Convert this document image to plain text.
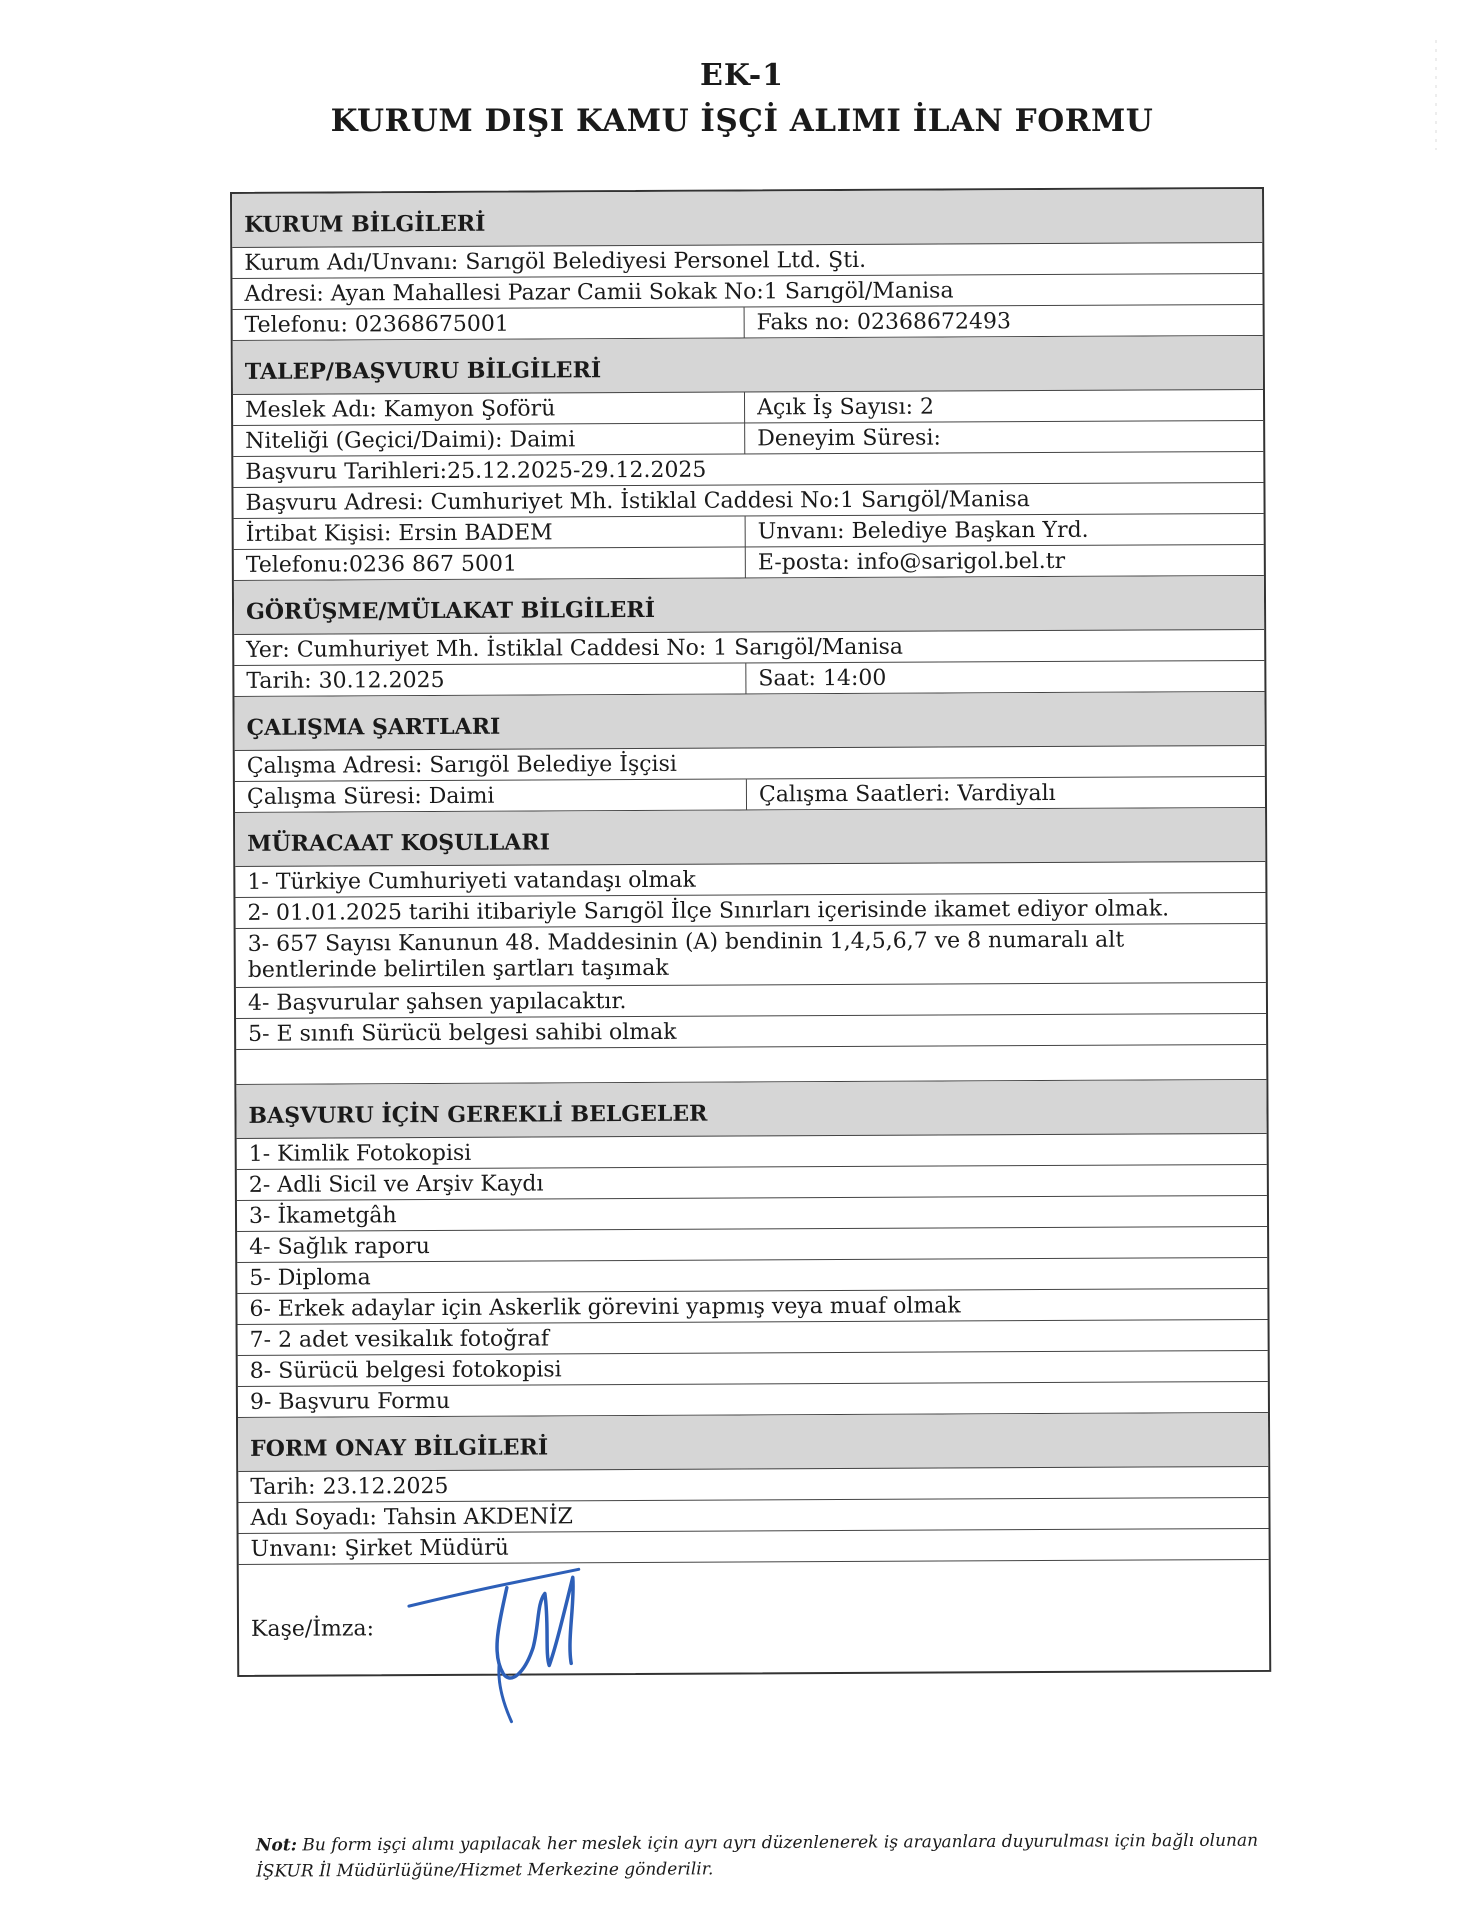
EK-1
KURUM DIŞI KAMU İŞÇİ ALIMI İLAN FORMU
KURUM BİLGİLERİ
Kurum Adı/Unvanı: Sarıgöl Belediyesi Personel Ltd. Şti.
Adresi: Ayan Mahallesi Pazar Camii Sokak No:1 Sarıgöl/Manisa
Telefonu: 02368675001	Faks no: 02368672493
TALEP/BAŞVURU BİLGİLERİ
Meslek Adı: Kamyon Şoförü	Açık İş Sayısı: 2
Niteliği (Geçici/Daimi): Daimi	Deneyim Süresi:
Başvuru Tarihleri:25.12.2025-29.12.2025
Başvuru Adresi: Cumhuriyet Mh. İstiklal Caddesi No:1 Sarıgöl/Manisa
İrtibat Kişisi: Ersin BADEM	Unvanı: Belediye Başkan Yrd.
Telefonu:0236 867 5001	E-posta: info@sarigol.bel.tr
GÖRÜŞME/MÜLAKAT BİLGİLERİ
Yer: Cumhuriyet Mh. İstiklal Caddesi No: 1 Sarıgöl/Manisa
Tarih: 30.12.2025	Saat: 14:00
ÇALIŞMA ŞARTLARI
Çalışma Adresi: Sarıgöl Belediye İşçisi
Çalışma Süresi: Daimi	Çalışma Saatleri: Vardiyalı
MÜRACAAT KOŞULLARI
1- Türkiye Cumhuriyeti vatandaşı olmak
2- 01.01.2025 tarihi itibariyle Sarıgöl İlçe Sınırları içerisinde ikamet ediyor olmak.
3- 657 Sayısı Kanunun 48. Maddesinin (A) bendinin 1,4,5,6,7 ve 8 numaralı alt bentlerinde belirtilen şartları taşımak
4- Başvurular şahsen yapılacaktır.
5- E sınıfı Sürücü belgesi sahibi olmak
BAŞVURU İÇİN GEREKLİ BELGELER
1- Kimlik Fotokopisi
2- Adli Sicil ve Arşiv Kaydı
3- İkametgâh
4- Sağlık raporu
5- Diploma
6- Erkek adaylar için Askerlik görevini yapmış veya muaf olmak
7- 2 adet vesikalık fotoğraf
8- Sürücü belgesi fotokopisi
9- Başvuru Formu
FORM ONAY BİLGİLERİ
Tarih: 23.12.2025
Adı Soyadı: Tahsin AKDENİZ
Unvanı: Şirket Müdürü
Kaşe/İmza:
Not: Bu form işçi alımı yapılacak her meslek için ayrı ayrı düzenlenerek iş arayanlara duyurulması için bağlı olunan İŞKUR İl Müdürlüğüne/Hizmet Merkezine gönderilir.
